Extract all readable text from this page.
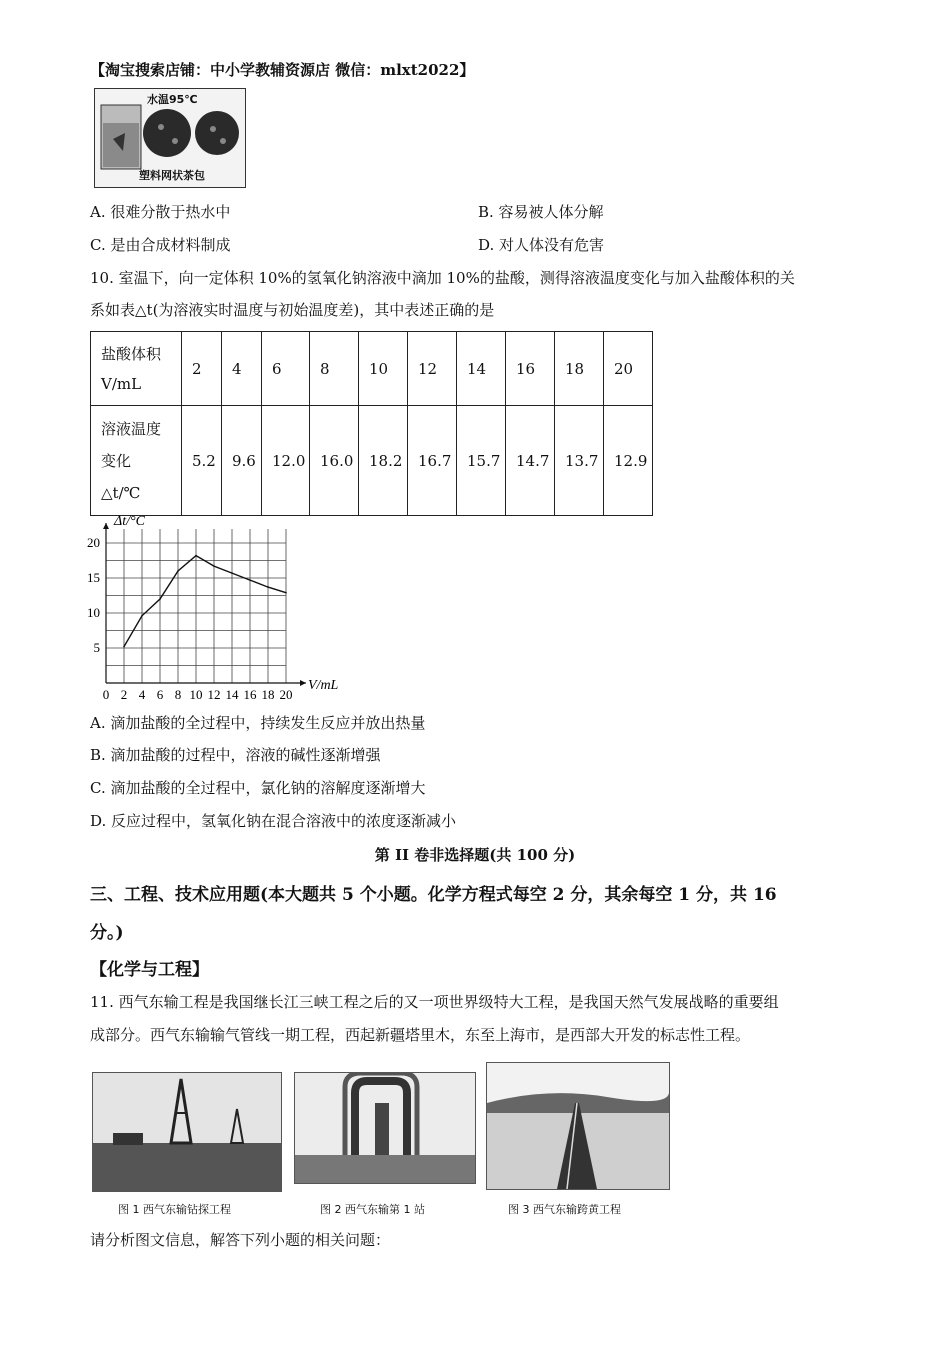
【淘宝搜索店铺：中小学教辅资源店 微信：mlxt2022】
水温95℃
塑料网状茶包
A. 很难分散于热水中	B. 容易被人体分解
C. 是由合成材料制成	D. 对人体没有危害
10. 室温下，向一定体积 10%的氢氧化钠溶液中滴加 10%的盐酸，测得溶液温度变化与加入盐酸体积的关
系如表△t(为溶液实时温度与初始温度差)，其中表述正确的是
盐酸体积
V/mL	2	4	6	8	10	12	14	16	18	20

溶液温度
变化
△t/℃	5.2	9.6	12.0	16.0	18.2	16.7	15.7	14.7	13.7	12.9
0 2 4 6 8 10 12 14 16 18 20
5
10
15
20
V/mL
Δt/°C
A. 滴加盐酸的全过程中，持续发生反应并放出热量
B. 滴加盐酸的过程中，溶液的碱性逐渐增强
C. 滴加盐酸的全过程中，氯化钠的溶解度逐渐增大
D. 反应过程中，氢氧化钠在混合溶液中的浓度逐渐减小
第 II 卷非选择题(共 100 分)
三、工程、技术应用题(本大题共 5 个小题。化学方程式每空 2 分，其余每空 1 分，共 16
分。)
【化学与工程】
11. 西气东输工程是我国继长江三峡工程之后的又一项世界级特大工程，是我国天然气发展战略的重要组
成部分。西气东输输气管线一期工程，西起新疆塔里木，东至上海市，是西部大开发的标志性工程。
图 1 西气东输钻探工程	图 2 西气东输第 1 站	图 3 西气东输跨黄工程
请分析图文信息，解答下列小题的相关问题：
